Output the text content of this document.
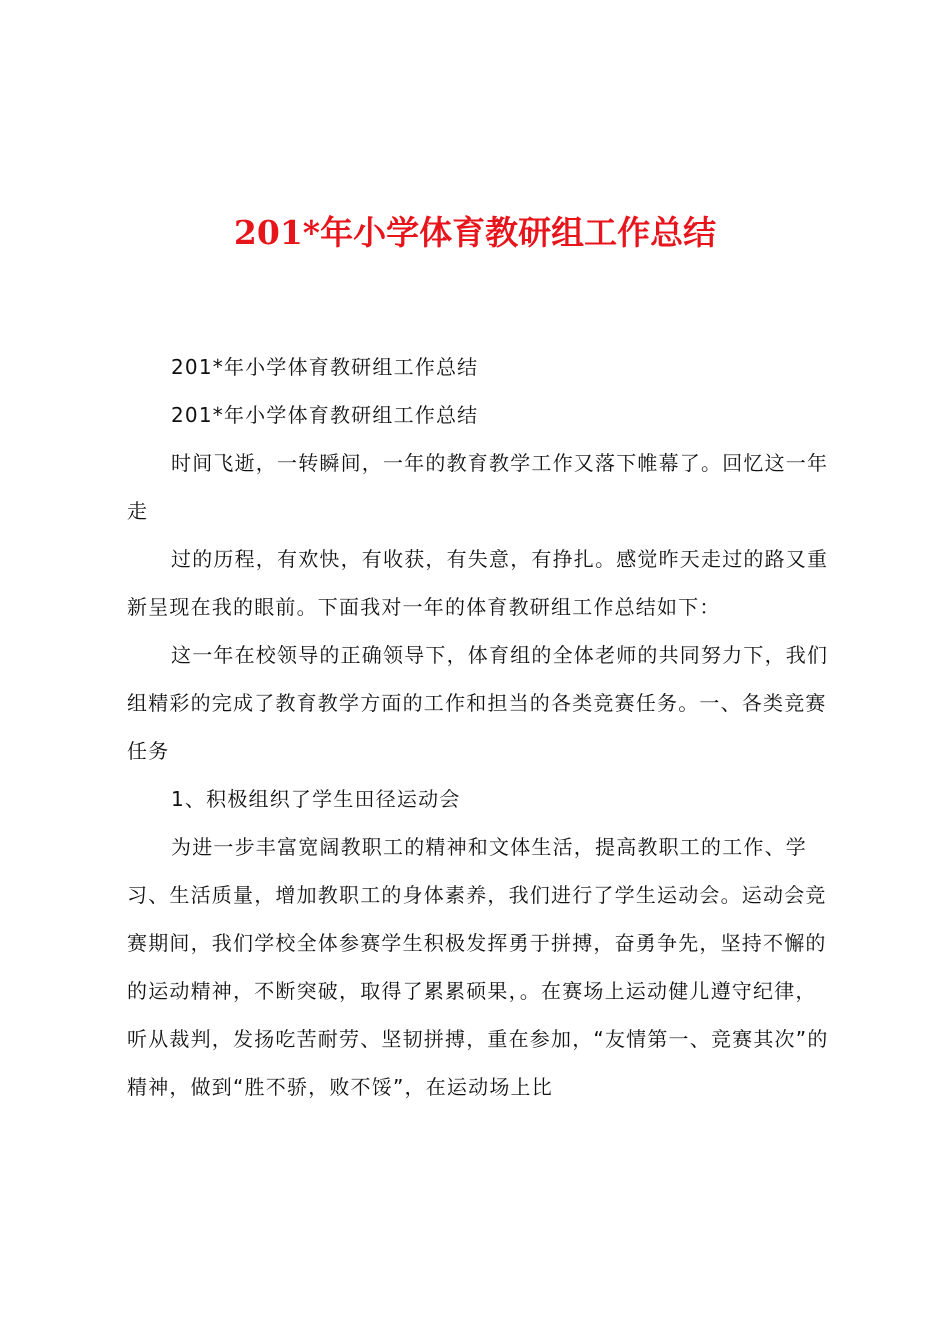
201*年小学体育教研组工作总结

201*年小学体育教研组工作总结

201*年小学体育教研组工作总结

时间飞逝，一转瞬间，一年的教育教学工作又落下帷幕了。回忆这一年走

过的历程，有欢快，有收获，有失意，有挣扎。感觉昨天走过的路又重新呈现在我的眼前。下面我对一年的体育教研组工作总结如下：

这一年在校领导的正确领导下，体育组的全体老师的共同努力下，我们组精彩的完成了教育教学方面的工作和担当的各类竞赛任务。一、各类竞赛任务

1、积极组织了学生田径运动会

为进一步丰富宽阔教职工的精神和文体生活，提高教职工的工作、学习、生活质量，增加教职工的身体素养，我们进行了学生运动会。运动会竞赛期间，我们学校全体参赛学生积极发挥勇于拼搏，奋勇争先，坚持不懈的的运动精神，不断突破，取得了累累硕果，。在赛场上运动健儿遵守纪律，听从裁判，发扬吃苦耐劳、坚韧拼搏，重在参加，“友情第一、竞赛其次”的精神，做到“胜不骄，败不馁”，在运动场上比
